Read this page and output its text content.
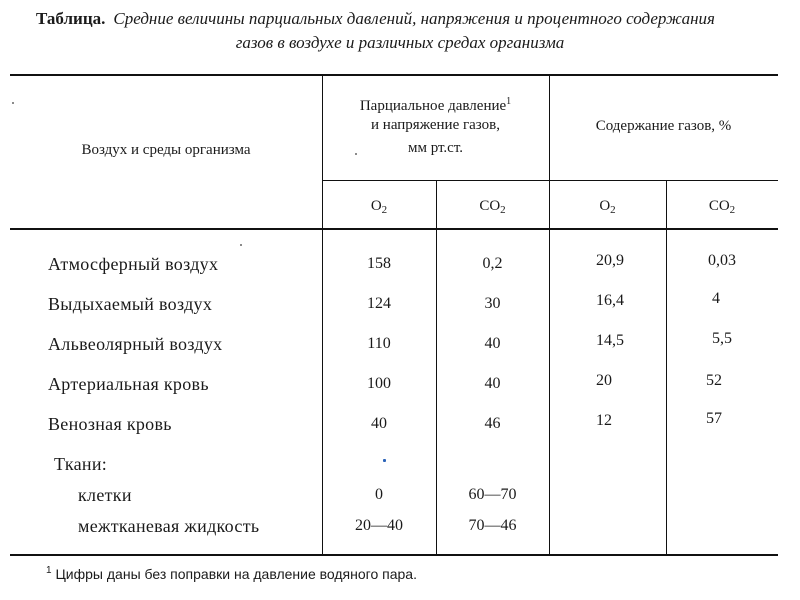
Таблица. Средние величины парциальных давлений, напряжения и процентного содержания
газов в воздухе и различных средах организма
Воздух и среды организма
Парциальное давление$^1$
и напряжение газов,
мм рт.ст.
Содержание газов, %
$O_2$	$CO_2$	$O_2$	$CO_2$
Атмосферный воздух	158	0,2	20,9	0,03
Выдыхаемый воздух	124	30	16,4	4
Альвеолярный воздух	110	40	14,5	5,5
Артериальная кровь	100	40	20	52
Венозная кровь	40	46	12	57
Ткани:
клетки	0	60—70
межтканевая жидкость	20—40	70—46
$^1$ Цифры даны без поправки на давление водяного пара.
